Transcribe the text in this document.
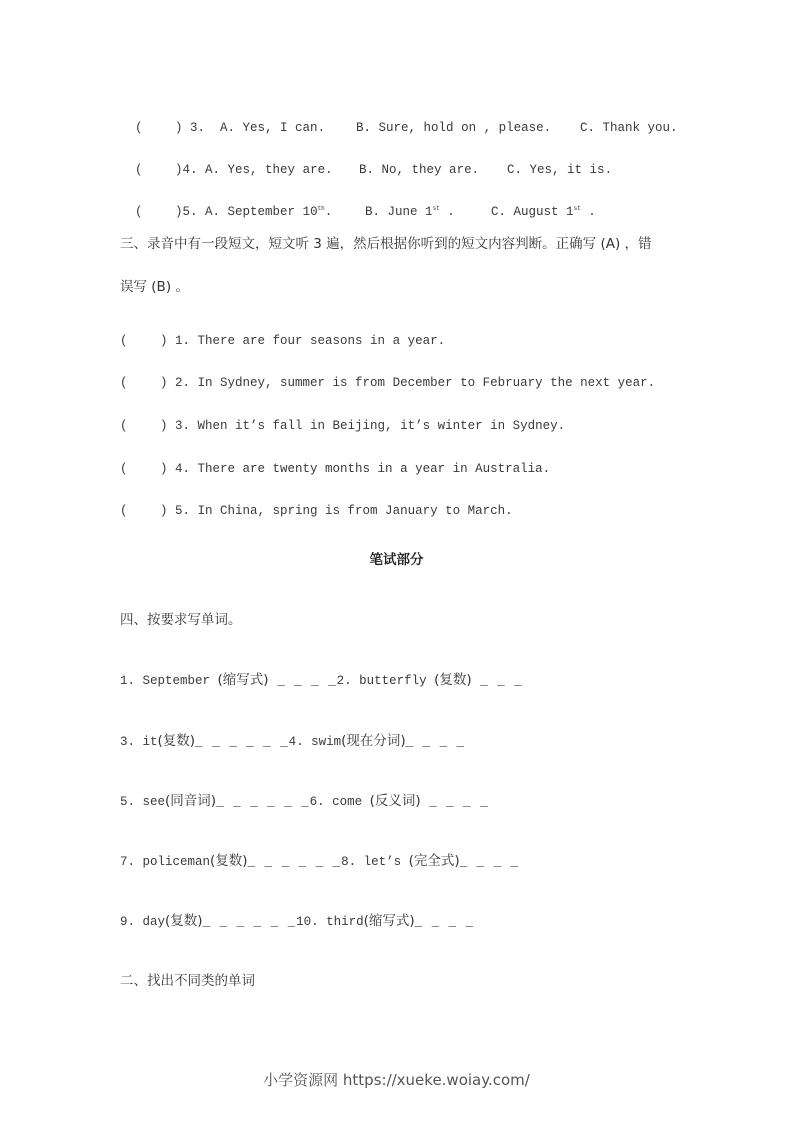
(	) 3. A. Yes, I can. B. Sure, hold on , please. C. Thank you.

(	)4. A. Yes, they are. B. No, they are. C. Yes, it is.

(	)5. A. September 10th.	B. June 1st .	C. August 1st .

三、录音中有一段短文，短文听 3 遍，然后根据你听到的短文内容判断。正确写 (A) ，错
误写 (B) 。
(	) 1. There are four seasons in a year.
(	) 2. In Sydney, summer is from December to February the next year.
(	) 3. When it’s fall in Beijing, it’s winter in Sydney.
(	) 4. There are twenty months in a year in Australia.
(	) 5. In China, spring is from January to March.
笔试部分
四、按要求写单词。
1. September (缩写式) _ _ _ _2. butterfly (复数) _ _ _
3. it(复数)_ _ _ _ _ _4. swim(现在分词)_ _ _ _
5. see(同音词)_ _ _ _ _ _6. come (反义词) _ _ _ _
7. policeman(复数)_ _ _ _ _ _8. let’s (完全式)_ _ _ _
9. day(复数)_ _ _ _ _ _10. third(缩写式)_ _ _ _
二、找出不同类的单词
小学资源网 https://xueke.woiay.com/
